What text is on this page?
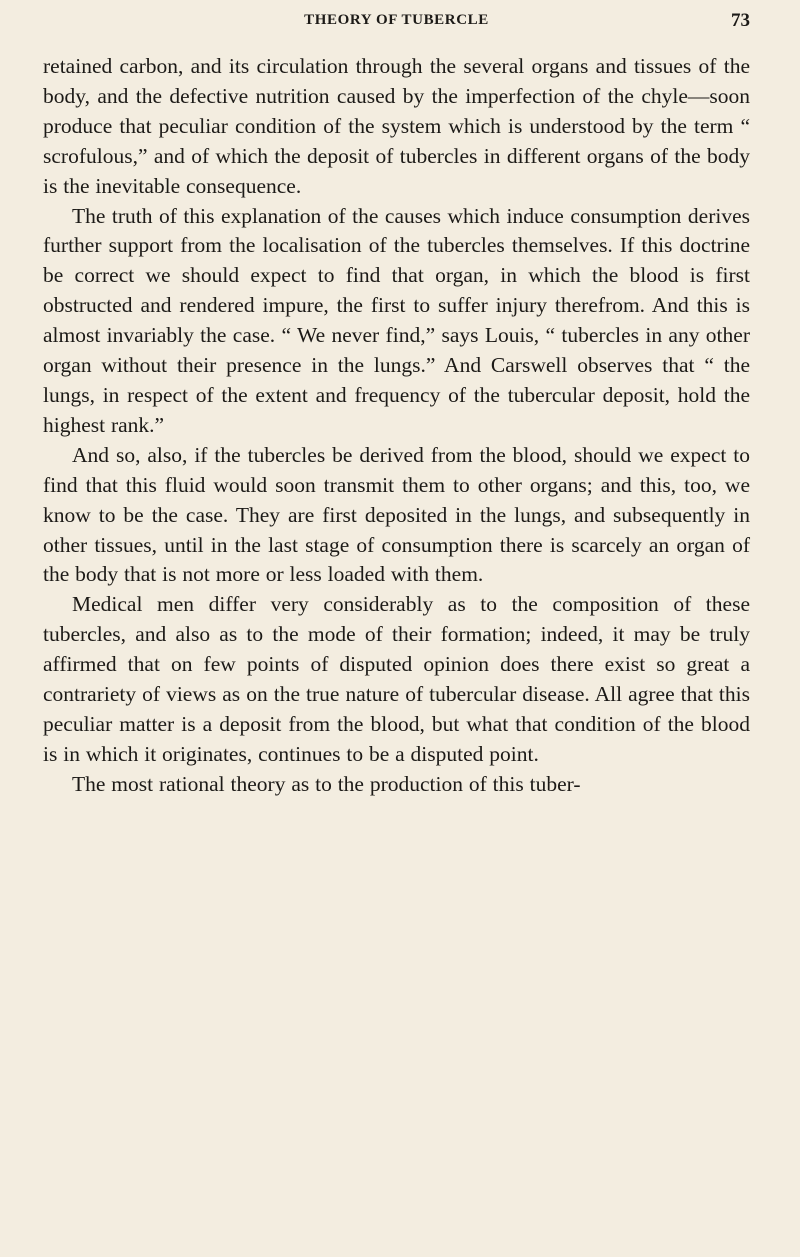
THEORY OF TUBERCLE	73

retained carbon, and its circulation through the several organs and tissues of the body, and the defective nutrition caused by the imperfection of the chyle—soon produce that peculiar condition of the system which is understood by the term “ scrofulous,” and of which the deposit of tubercles in different organs of the body is the inevitable consequence.

The truth of this explanation of the causes which induce consumption derives further support from the localisation of the tubercles themselves. If this doctrine be correct we should expect to find that organ, in which the blood is first obstructed and rendered impure, the first to suffer injury therefrom. And this is almost invariably the case. “ We never find,” says Louis, “ tubercles in any other organ without their presence in the lungs.” And Carswell observes that “ the lungs, in respect of the extent and frequency of the tubercular deposit, hold the highest rank.”

And so, also, if the tubercles be derived from the blood, should we expect to find that this fluid would soon transmit them to other organs; and this, too, we know to be the case. They are first deposited in the lungs, and subsequently in other tissues, until in the last stage of consumption there is scarcely an organ of the body that is not more or less loaded with them.

Medical men differ very considerably as to the composition of these tubercles, and also as to the mode of their formation; indeed, it may be truly affirmed that on few points of disputed opinion does there exist so great a contrariety of views as on the true nature of tubercular disease. All agree that this peculiar matter is a deposit from the blood, but what that condition of the blood is in which it originates, continues to be a disputed point.

The most rational theory as to the production of this tuber-
